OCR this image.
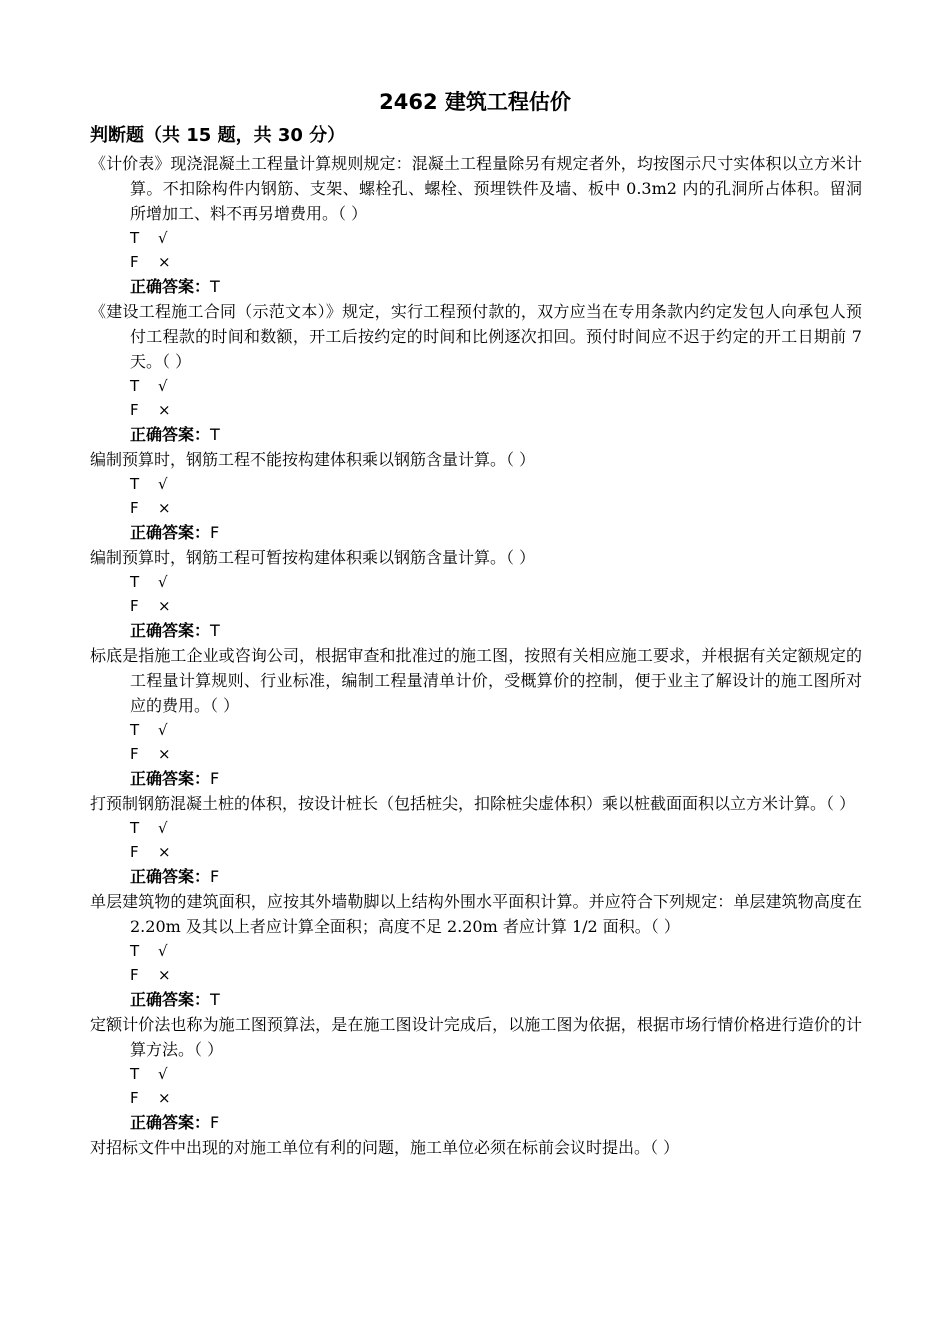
2462 建筑工程估价
判断题（共 15 题，共 30 分）
《计价表》现浇混凝土工程量计算规则规定：混凝土工程量除另有规定者外，均按图示尺寸实体积以立方米计算。不扣除构件内钢筋、支架、螺栓孔、螺栓、预埋铁件及墙、板中 0.3m2 内的孔洞所占体积。留洞所增加工、料不再另增费用。（ ）
T √
F ×
正确答案：T
《建设工程施工合同（示范文本）》规定，实行工程预付款的，双方应当在专用条款内约定发包人向承包人预付工程款的时间和数额，开工后按约定的时间和比例逐次扣回。预付时间应不迟于约定的开工日期前 7 天。（ ）
T √
F ×
正确答案：T
编制预算时，钢筋工程不能按构建体积乘以钢筋含量计算。（ ）
T √
F ×
正确答案：F
编制预算时，钢筋工程可暂按构建体积乘以钢筋含量计算。（ ）
T √
F ×
正确答案：T
标底是指施工企业或咨询公司，根据审查和批准过的施工图，按照有关相应施工要求，并根据有关定额规定的工程量计算规则、行业标准，编制工程量清单计价，受概算价的控制，便于业主了解设计的施工图所对应的费用。（ ）
T √
F ×
正确答案：F
打预制钢筋混凝土桩的体积，按设计桩长（包括桩尖，扣除桩尖虚体积）乘以桩截面面积以立方米计算。（ ）
T √
F ×
正确答案：F
单层建筑物的建筑面积，应按其外墙勒脚以上结构外围水平面积计算。并应符合下列规定：单层建筑物高度在 2.20m 及其以上者应计算全面积；高度不足 2.20m 者应计算 1/2 面积。（ ）
T √
F ×
正确答案：T
定额计价法也称为施工图预算法，是在施工图设计完成后，以施工图为依据，根据市场行情价格进行造价的计算方法。（ ）
T √
F ×
正确答案：F
对招标文件中出现的对施工单位有利的问题，施工单位必须在标前会议时提出。（ ）
